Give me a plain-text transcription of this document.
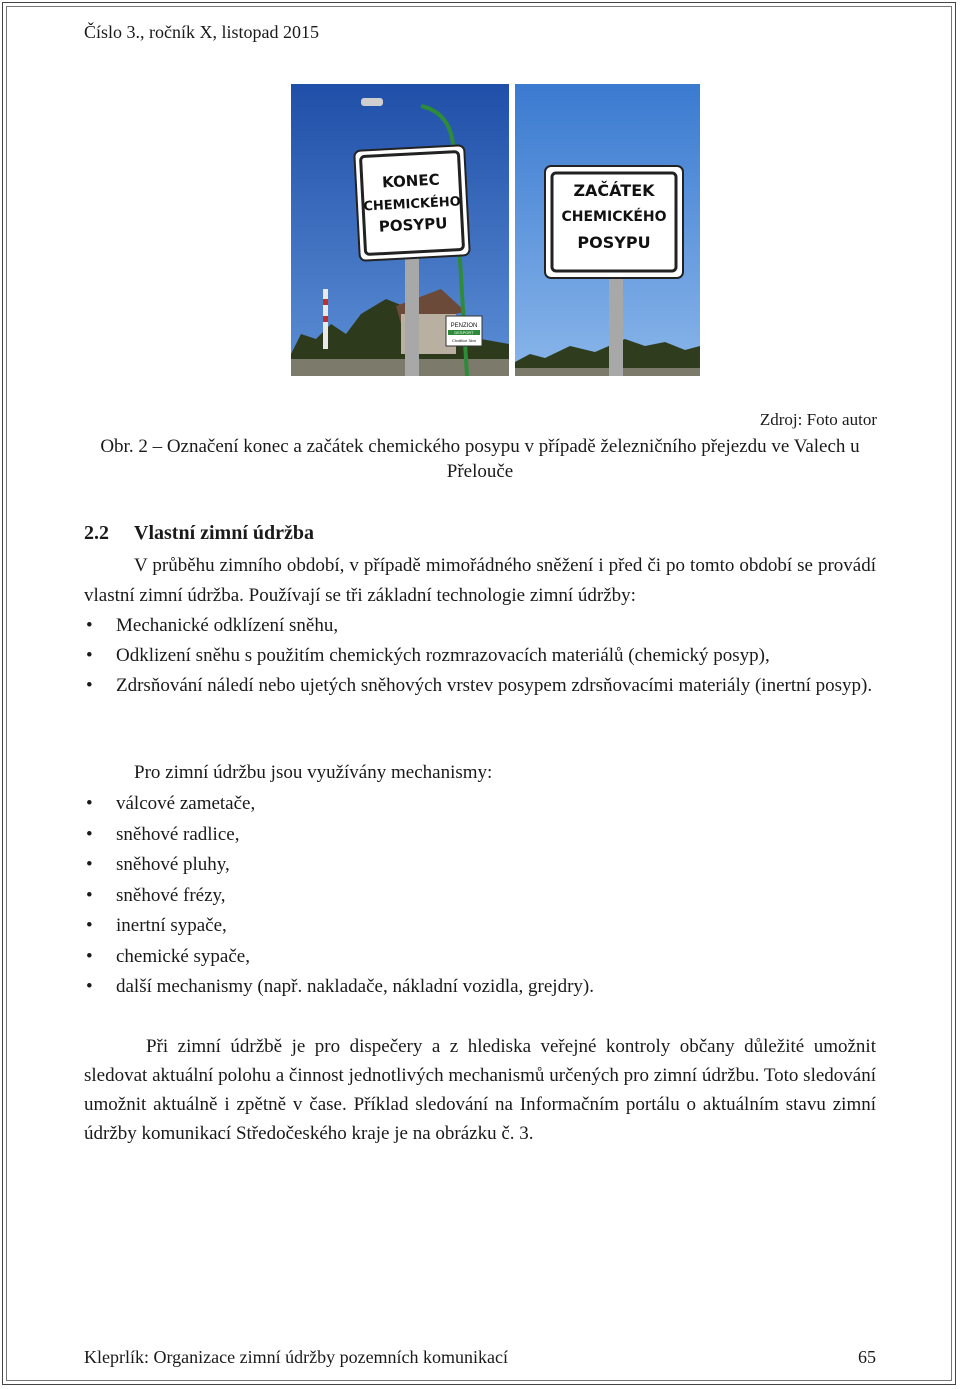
Číslo 3., ročník X, listopad 2015
PENZION
DESPORT
Chotilice 3km
KONEC
CHEMICKÉHO
POSYPU
ZAČÁTEK
CHEMICKÉHO
POSYPU
Zdroj: Foto autor
Obr. 2 – Označení konec a začátek chemického posypu v případě železničního přejezdu ve Valech u Přelouče
2.2 Vlastní zimní údržba
V průběhu zimního období, v případě mimořádného sněžení i před či po tomto období se provádí vlastní zimní údržba. Používají se tři základní technologie zimní údržby:
• Mechanické odklízení sněhu,
• Odklizení sněhu s použitím chemických rozmrazovacích materiálů (chemický posyp),
• Zdrsňování náledí nebo ujetých sněhových vrstev posypem zdrsňovacími materiály (inertní posyp).
Pro zimní údržbu jsou využívány mechanismy:
• válcové zametače,
• sněhové radlice,
• sněhové pluhy,
• sněhové frézy,
• inertní sypače,
• chemické sypače,
• další mechanismy (např. nakladače, nákladní vozidla, grejdry).
Při zimní údržbě je pro dispečery a z hlediska veřejné kontroly občany důležité umožnit sledovat aktuální polohu a činnost jednotlivých mechanismů určených pro zimní údržbu. Toto sledování umožnit aktuálně i zpětně v čase. Příklad sledování na Informačním portálu o aktuálním stavu zimní údržby komunikací Středočeského kraje je na obrázku č. 3.
Kleprlík: Organizace zimní údržby pozemních komunikací	65
